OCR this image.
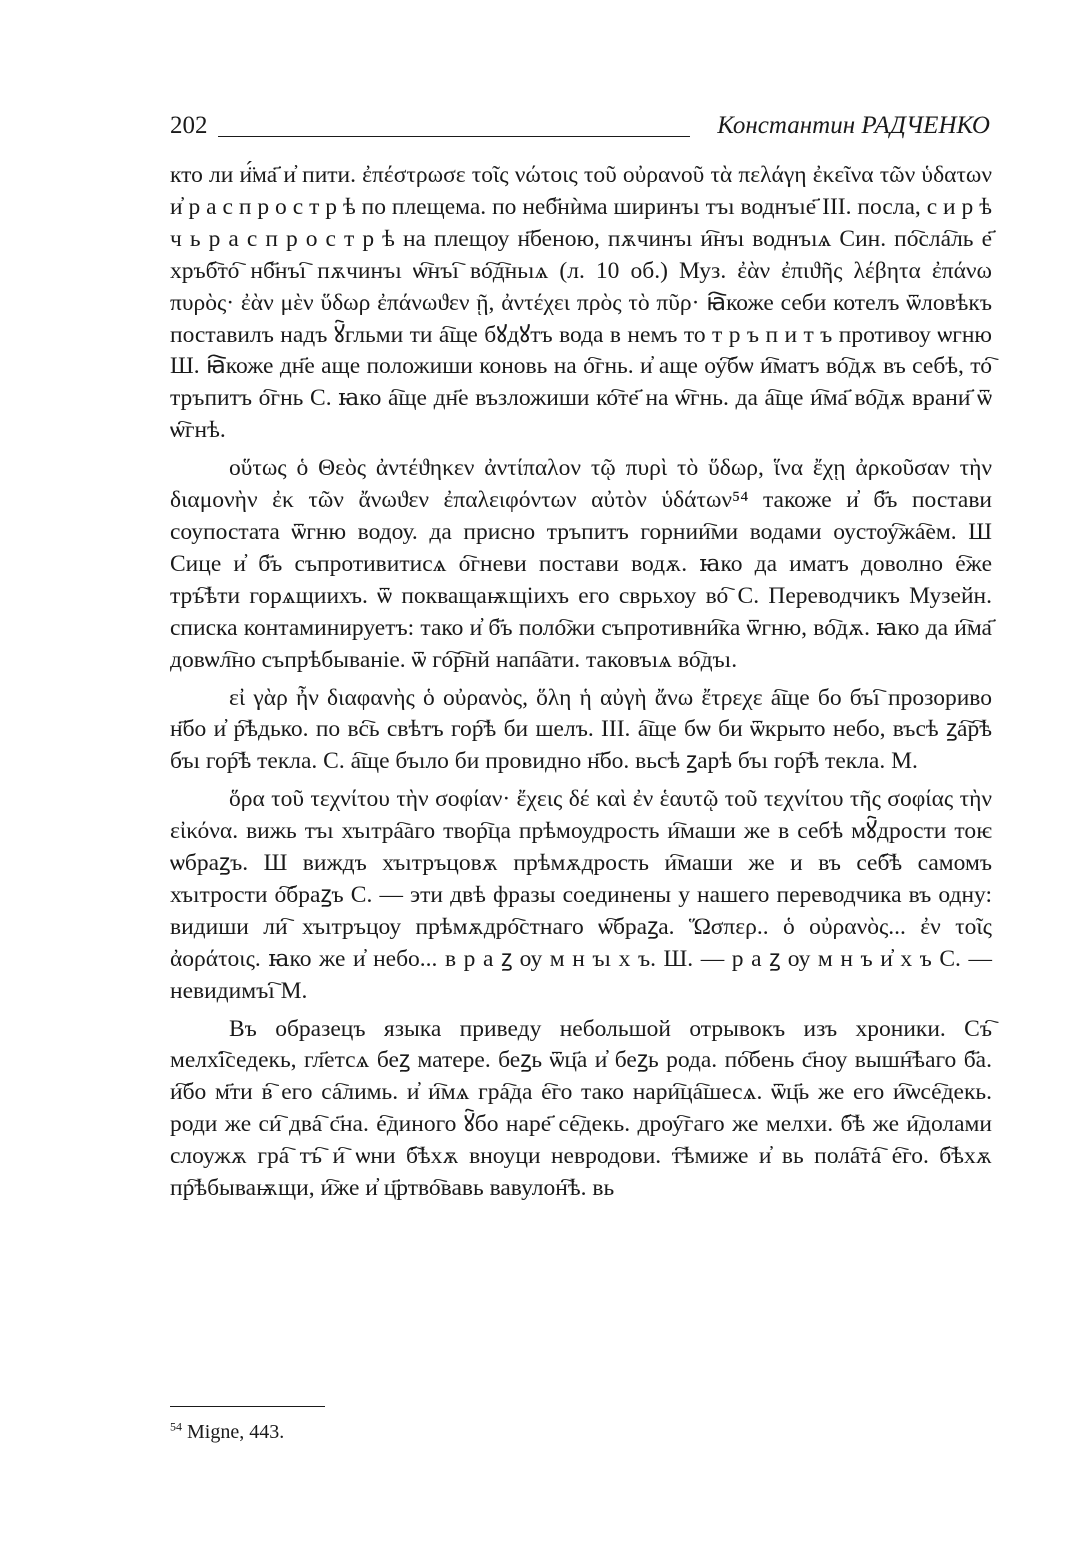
202	Константин РАДЧЕНКО

кто ли и͏̈́ма҃ и̓ пити. ἐπέστρωσε τοῖς νώτοις τοῦ οὐρανοῦ τὰ πελάγη ἐκεῖνα τῶν ὑδατων и̓ р а с п р о с т р ѣ по плещема. по неб҃нѝма ширинъı тъı воднъıе҃ III. посла, с и р ѣ ч ь р а с п р о с т р ѣ на плещоу н҃беною, пѫчинъı и҇нъı воднъıѧ Син. по҇сла҇ль е҃ хръб҇то҇ нб҃нъı҇ пѫчинъı ѡ҇нъı҇ во҇д҇ньıѧ (л. 10 об.) Муз. ἐὰν ἐπιϑῆς λέβητα ἐπάνω πυρὸς· ἐὰν μὲν ὕδωρ ἐπάνωϑεν ῇ, ἀντέχει πρὸς τὸ πῦρ· ꙗ҇коже себи котелъ ѿловѣкъ поставилъ надъ ꙋ҇гльми ти а҇ще бꙋдꙋтъ вода в немъ то т р ъ п и т ъ противоу ѡгню Ш. ꙗ҇коже дн҃е аще положиши коновь на о҇гнь. и̓ аще оу҇бѡ и҇матъ во҇дѫ въ себѣ, то҇ тръпитъ о҇гнь С. ꙗко а҇ще дн҃е възложиши ко҇те҃ на ѡ҇гнь. да а҇ще и҇ма҃ во҇дѫ врани҃ ѿ ѡ҇гнѣ.

οὕτως ὁ Θεὸς ἀντέϑηκεν ἀντίπαλον τῷ πυρὶ τὸ ὕδωρ, ἵνα ἔχῃ ἀρκοῦσαν τὴν διαμονὴν ἐκ τῶν ἄνωϑεν ἐπαλειφόντων αὐτὸν ὑδάτων⁵⁴ такоже и̓ б҃ъ постави соупостата ѿгню водоу. да присно тръпитъ горнии҇ми водами оустоу҇жа҇ем. Ш Сице и̓ б҃ъ съпротивитисѧ о҇гневи постави водѫ. ꙗко да иматъ доволно е҇же тръ҇ѣти горѧщиихъ. ѿ покващаѭщіихъ его сврьхоу во҇ С. Переводчикъ Музейн. списка контаминируетъ: тако и̓ б҃ъ поло҇жи съпротивни҇ка ѿгню, во҇дѫ. ꙗко да и҇ма҃ довѡл҇но съпрѣбываніе. ѿ го҇р҇нй напа҇ати. таковъıѧ во҇дъı.

εἰ γὰρ ἦν διαφανὴς ὁ οὐρανὸς, ὅλη ἡ αὐγὴ ἄνω ἔτρεχε а҇ще бо бъı҇ прозориво н҃бо и̓ р҇ѣдько. по вс҇ь свѣтъ гор҇ѣ би шелъ. III. а҇ще бѡ би ѿкрыто небо, въсѣ ꙁа҇р҇ѣ бъı гор҇ѣ текла. С. а҇ще бъıло би провидно н҃бо. вьсѣ ꙁарѣ бъı гор҇ѣ текла. М.

ὅρα τοῦ τεχνίτου τὴν σοφίαν· ἔχεις δέ καὶ ἐν ἑαυτῷ τοῦ τεχνίτου τῆς σοφίας τὴν εἰκόνα. вижь тъı хъıтра҇аго твор҇ца прѣмоудрость и҇маши же в себѣ мꙋ҇дрости тоѥ ѡбраꙁъ. Ш виждъ хъıтръцовѫ прѣмѫдрость и҇маши же и въ себ҇ѣ самомъ хъıтрости о҇браꙁъ С. — эти двѣ фразы соединены у нашего переводчика въ одну: видиши ли҇ хъıтръцоу прѣмѫдро҇стнаго ѡ҇браꙁа. Ὥσπερ.. ὁ οὐρανὸς... ἐν τοῖς ἀοράτοις. ꙗко же и̓ небо... в р а ꙁ оу м н ъı х ъ. Ш. — р а ꙁ оу м н ъ и̓ х ъ С. — невидимъı҇ М.

Въ образецъ языка приведу небольшой отрывокъ изъ хроники. Съ҇ мелхі҇седекь, гл҃етсѧ беꙁ матере. беꙁь ѿц҃а и̓ беꙁь рода. по҇бень с҃ноу вышн҇ѣаго б҃а. и҇бо м҃ти в҇ его са҇лимь. и̓ и҇мѧ гра҇да е҇го тако нари҇ца҇шесѧ. ѿц҃ь же его и҇ѡсе҇декь. роди же си҇ два҇ с҃на. е҇диного ꙋ҇бо наре҃ се҇декь. дроу҇гаго же мелхи. б҇ѣ же и҇долами слоужѫ гра҇ тъ҇ и҇ ѡни б҇ѣхѫ вноуци невродови. т҇ѣмиже и̓ вь пола҇та҇ е҇го. б҇ѣхѫ пр҇ѣбываѭщи, и҇же и̓ ц҃ртво҇вавь вавулон҇ѣ. вь

$^{54}$ Migne, 443.
